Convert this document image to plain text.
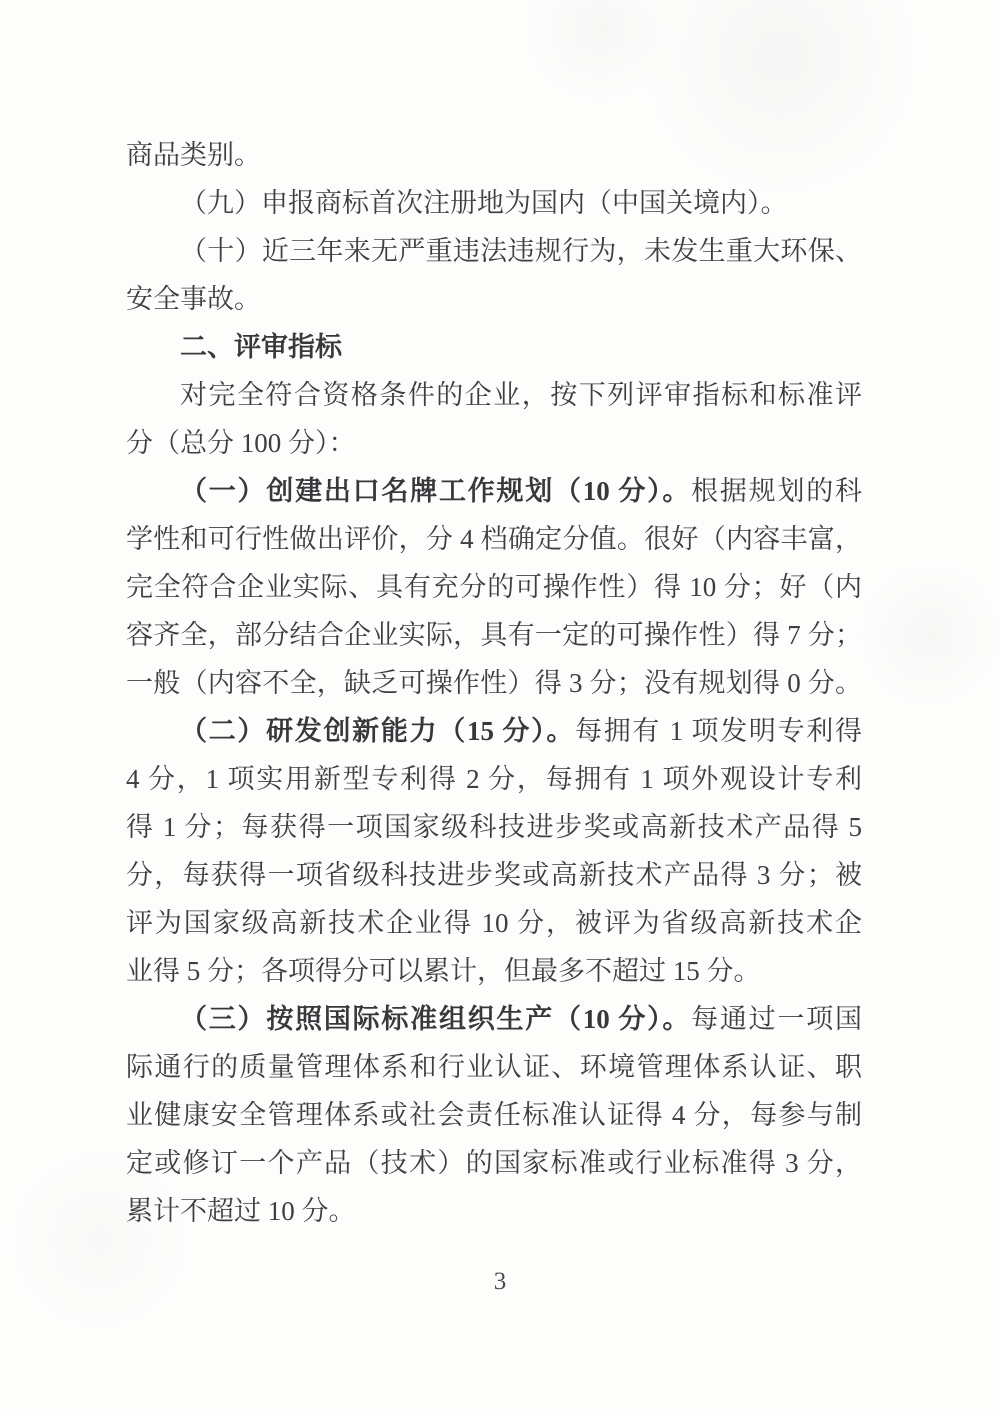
商品类别。
（九）申报商标首次注册地为国内（中国关境内）。
（十）近三年来无严重违法违规行为，未发生重大环保、
安全事故。
二、评审指标
对完全符合资格条件的企业，按下列评审指标和标准评
分（总分 100 分）：
（一）创建出口名牌工作规划（10 分）。根据规划的科
学性和可行性做出评价，分 4 档确定分值。很好（内容丰富，
完全符合企业实际、具有充分的可操作性）得 10 分；好（内
容齐全，部分结合企业实际，具有一定的可操作性）得 7 分；
一般（内容不全，缺乏可操作性）得 3 分；没有规划得 0 分。
（二）研发创新能力（15 分）。每拥有 1 项发明专利得
4 分，1 项实用新型专利得 2 分，每拥有 1 项外观设计专利
得 1 分；每获得一项国家级科技进步奖或高新技术产品得 5
分，每获得一项省级科技进步奖或高新技术产品得 3 分；被
评为国家级高新技术企业得 10 分，被评为省级高新技术企
业得 5 分；各项得分可以累计，但最多不超过 15 分。
（三）按照国际标准组织生产（10 分）。每通过一项国
际通行的质量管理体系和行业认证、环境管理体系认证、职
业健康安全管理体系或社会责任标准认证得 4 分，每参与制
定或修订一个产品（技术）的国家标准或行业标准得 3 分，
累计不超过 10 分。
3
